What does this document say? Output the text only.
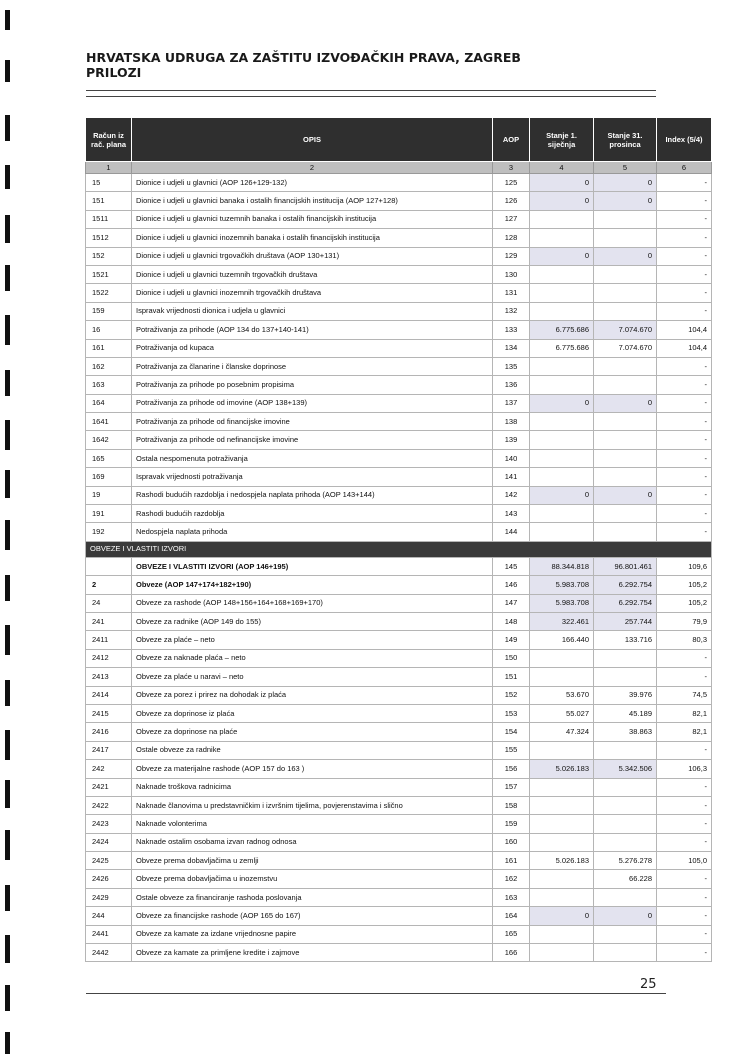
HRVATSKA UDRUGA ZA ZAŠTITU IZVOĐAČKIH PRAVA, ZAGREB
PRILOZI
Račun iz rač. plana	OPIS	AOP	Stanje 1. siječnja	Stanje 31. prosinca	Index (5/4)
1	2	3	4	5	6
15	Dionice i udjeli u glavnici (AOP 126+129-132)	125	0	0	-
151	Dionice i udjeli u glavnici banaka i ostalih financijskih institucija (AOP 127+128)	126	0	0	-
1511	Dionice i udjeli u glavnici tuzemnih banaka i ostalih financijskih institucija	127			-
1512	Dionice i udjeli u glavnici inozemnih banaka i ostalih financijskih institucija	128			-
152	Dionice i udjeli u glavnici trgovačkih društava (AOP 130+131)	129	0	0	-
1521	Dionice i udjeli u glavnici tuzemnih trgovačkih društava	130			-
1522	Dionice i udjeli u glavnici inozemnih trgovačkih društava	131			-
159	Ispravak vrijednosti dionica i udjela u glavnici	132			-
16	Potraživanja za prihode (AOP 134 do 137+140-141)	133	6.775.686	7.074.670	104,4
161	Potraživanja od kupaca	134	6.775.686	7.074.670	104,4
162	Potraživanja za članarine i članske doprinose	135			-
163	Potraživanja za prihode po posebnim propisima	136			-
164	Potraživanja za prihode od imovine (AOP 138+139)	137	0	0	-
1641	Potraživanja za prihode od financijske imovine	138			-
1642	Potraživanja za prihode od nefinancijske imovine	139			-
165	Ostala nespomenuta potraživanja	140			-
169	Ispravak vrijednosti potraživanja	141			-
19	Rashodi budućih razdoblja i nedospjela naplata prihoda (AOP 143+144)	142	0	0	-
191	Rashodi budućih razdoblja	143			-
192	Nedospjela naplata prihoda	144			-
OBVEZE I VLASTITI IZVORI					
	OBVEZE I VLASTITI IZVORI (AOP 146+195)	145	88.344.818	96.801.461	109,6
2	Obveze (AOP 147+174+182+190)	146	5.983.708	6.292.754	105,2
24	Obveze za rashode (AOP 148+156+164+168+169+170)	147	5.983.708	6.292.754	105,2
241	Obveze za radnike (AOP 149 do 155)	148	322.461	257.744	79,9
2411	Obveze za plaće – neto	149	166.440	133.716	80,3
2412	Obveze za naknade plaća – neto	150			-
2413	Obveze za plaće u naravi – neto	151			-
2414	Obveze za porez i prirez na dohodak iz plaća	152	53.670	39.976	74,5
2415	Obveze za doprinose iz plaća	153	55.027	45.189	82,1
2416	Obveze za doprinose na plaće	154	47.324	38.863	82,1
2417	Ostale obveze za radnike	155			-
242	Obveze za materijalne rashode (AOP 157 do 163 )	156	5.026.183	5.342.506	106,3
2421	Naknade troškova radnicima	157			-
2422	Naknade članovima u predstavničkim i izvršnim tijelima, povjerenstavima i slično	158			-
2423	Naknade volonterima	159			-
2424	Naknade ostalim osobama izvan radnog odnosa	160			-
2425	Obveze prema dobavljačima u zemlji	161	5.026.183	5.276.278	105,0
2426	Obveze prema dobavljačima u inozemstvu	162		66.228	-
2429	Ostale obveze za financiranje rashoda poslovanja	163			-
244	Obveze za financijske rashode (AOP 165 do 167)	164	0	0	-
2441	Obveze za kamate za izdane vrijednosne papire	165			-
2442	Obveze za kamate za primljene kredite i zajmove	166			-
25
